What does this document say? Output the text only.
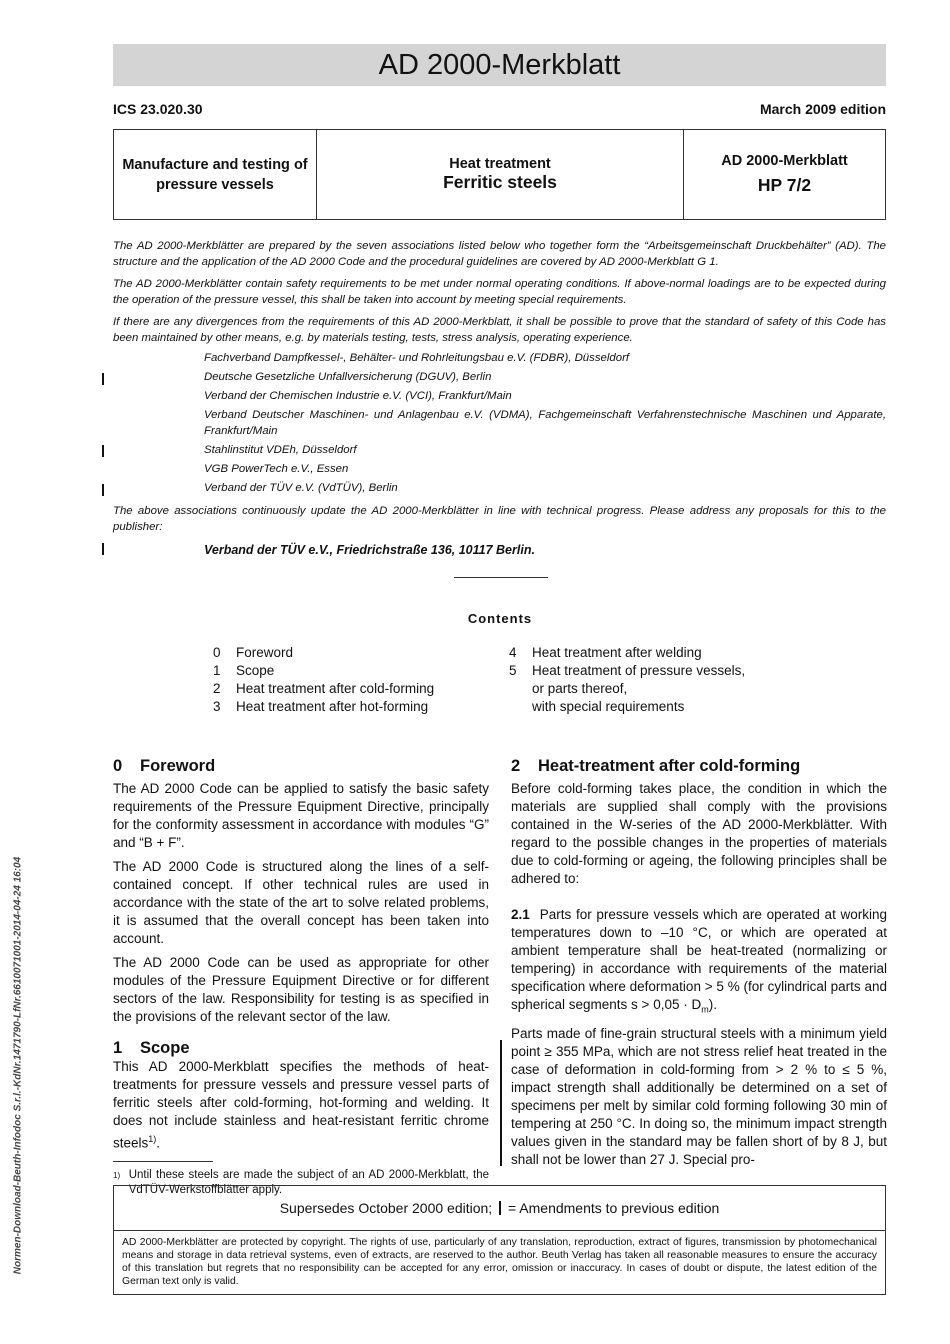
AD 2000-Merkblatt
ICS 23.020.30	March 2009 edition
Manufacture and testing of pressure vessels
Heat treatment
Ferritic steels
AD 2000-Merkblatt
HP 7/2

The AD 2000-Merkblätter are prepared by the seven associations listed below who together form the “Arbeitsgemeinschaft Druckbehälter” (AD). The structure and the application of the AD 2000 Code and the procedural guidelines are covered by AD 2000-Merkblatt G 1.

The AD 2000-Merkblätter contain safety requirements to be met under normal operating conditions. If above-normal loadings are to be expected during the operation of the pressure vessel, this shall be taken into account by meeting special requirements.

If there are any divergences from the requirements of this AD 2000-Merkblatt, it shall be possible to prove that the standard of safety of this Code has been maintained by other means, e.g. by materials testing, tests, stress analysis, operating experience.

Fachverband Dampfkessel-, Behälter- und Rohrleitungsbau e.V. (FDBR), Düsseldorf

Deutsche Gesetzliche Unfallversicherung (DGUV), Berlin

Verband der Chemischen Industrie e.V. (VCI), Frankfurt/Main

Verband Deutscher Maschinen- und Anlagenbau e.V. (VDMA), Fachgemeinschaft Verfahrenstechnische Maschinen und Apparate, Frankfurt/Main

Stahlinstitut VDEh, Düsseldorf

VGB PowerTech e.V., Essen

Verband der TÜV e.V. (VdTÜV), Berlin

The above associations continuously update the AD 2000-Merkblätter in line with technical progress. Please address any proposals for this to the publisher:

Verband der TÜV e.V., Friedrichstraße 136, 10117 Berlin.

Contents
0	Foreword
1	Scope
2	Heat treatment after cold-forming
3	Heat treatment after hot-forming
4	Heat treatment after welding
5	Heat treatment of pressure vessels,
or parts thereof,
with special requirements
0 Foreword

The AD 2000 Code can be applied to satisfy the basic safety requirements of the Pressure Equipment Directive, principally for the conformity assessment in accordance with modules “G” and “B + F”.

The AD 2000 Code is structured along the lines of a self-contained concept. If other technical rules are used in accordance with the state of the art to solve related problems, it is assumed that the overall concept has been taken into account.

The AD 2000 Code can be used as appropriate for other modules of the Pressure Equipment Directive or for different sectors of the law. Responsibility for testing is as specified in the provisions of the relevant sector of the law.

1 Scope

This AD 2000-Merkblatt specifies the methods of heat-treatments for pressure vessels and pressure vessel parts of ferritic steels after cold-forming, hot-forming and welding. It does not include stainless and heat-resistant ferritic chrome steels$^{1)}$.

1) Until these steels are made the subject of an AD 2000-Merkblatt, the VdTÜV-Werkstoffblätter apply.
2 Heat-treatment after cold-forming

Before cold-forming takes place, the condition in which the materials are supplied shall comply with the provisions contained in the W-series of the AD 2000-Merkblätter. With regard to the possible changes in the properties of materials due to cold-forming or ageing, the following principles shall be adhered to:

2.1 Parts for pressure vessels which are operated at working temperatures down to –10 °C, or which are operated at ambient temperature shall be heat-treated (normalizing or tempering) in accordance with requirements of the material specification where deformation > 5 % (for cylindrical parts and spherical segments $s > 0,05 \cdot D_m$).

Parts made of fine-grain structural steels with a minimum yield point ≥ 355 MPa, which are not stress relief heat treated in the case of deformation in cold-forming from > 2 % to ≤ 5 %, impact strength shall additionally be determined on a set of specimens per melt by similar cold forming following 30 min of tempering at 250 °C. In doing so, the minimum impact strength values given in the standard may be fallen short of by 8 J, but shall not be lower than 27 J. Special pro-

Supersedes October 2000 edition; = Amendments to previous edition
AD 2000-Merkblätter are protected by copyright. The rights of use, particularly of any translation, reproduction, extract of figures, transmission by photomechanical means and storage in data retrieval systems, even of extracts, are reserved to the author. Beuth Verlag has taken all reasonable measures to ensure the accuracy of this translation but regrets that no responsibility can be accepted for any error, omission or inaccuracy. In cases of doubt or dispute, the latest edition of the German text only is valid.
Normen-Download-Beuth-Infodoc S.r.l.-KdNr.1471790-LfNr.6610071001-2014-04-24 16:04
